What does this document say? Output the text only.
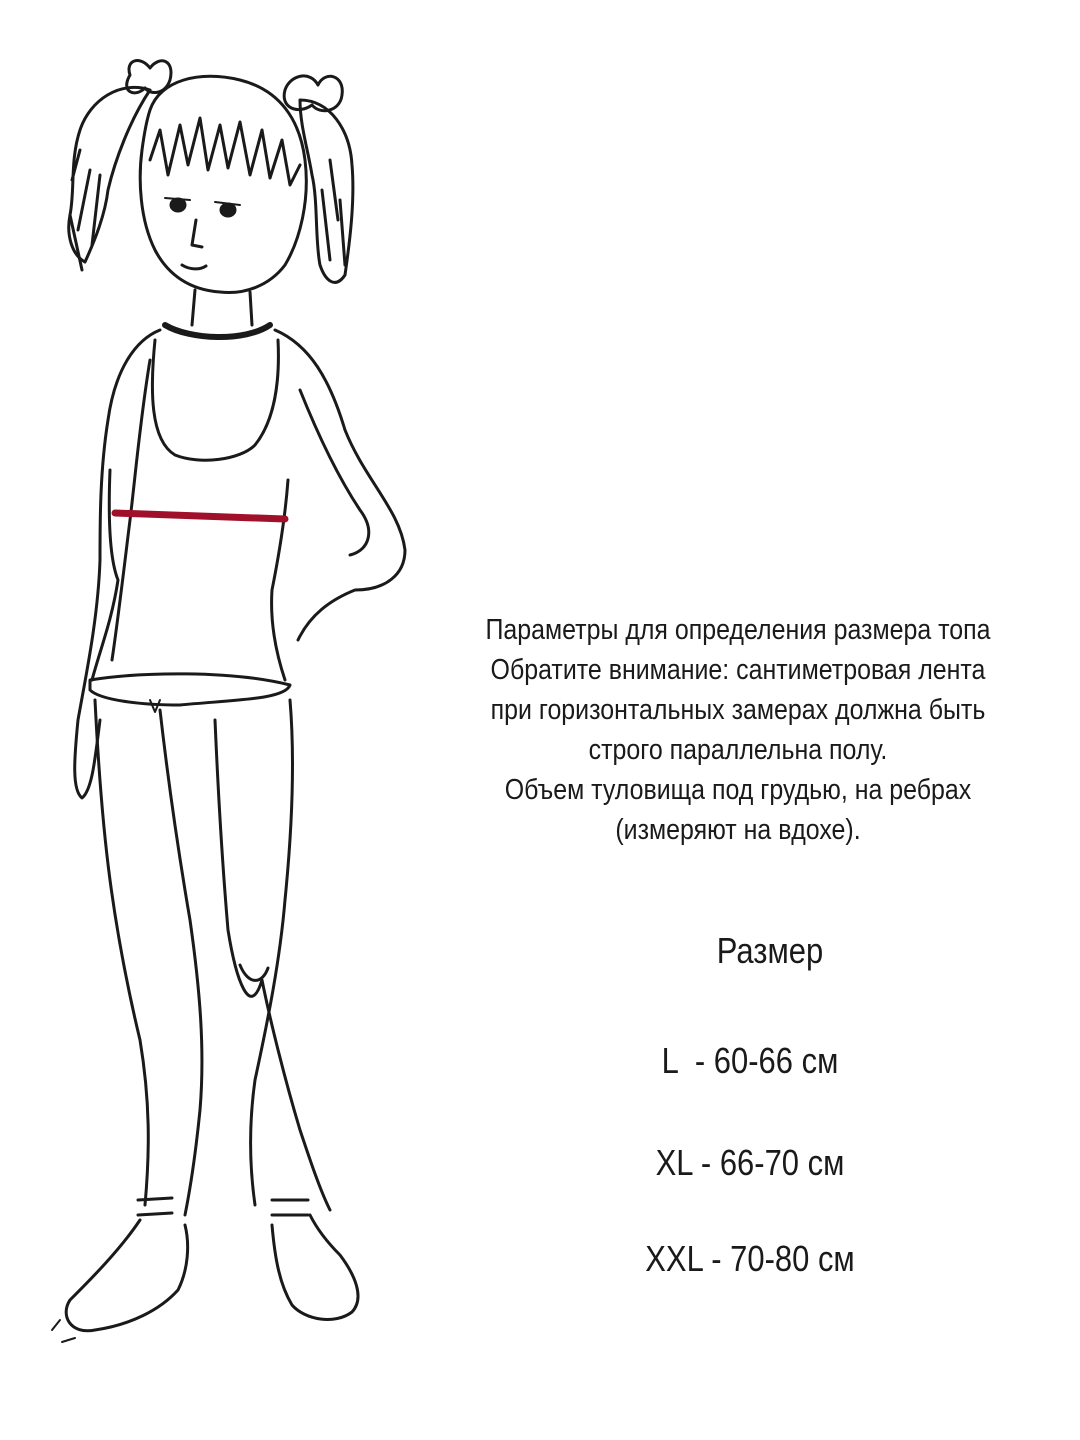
Параметры для определения размера топа
Обратите внимание: сантиметровая лента
при горизонтальных замерах должна быть
строго параллельна полу.
Объем туловища под грудью, на ребрах
(измеряют на вдохе).
Размер
L  - 60-66 см
XL - 66-70 см
XXL - 70-80 см
